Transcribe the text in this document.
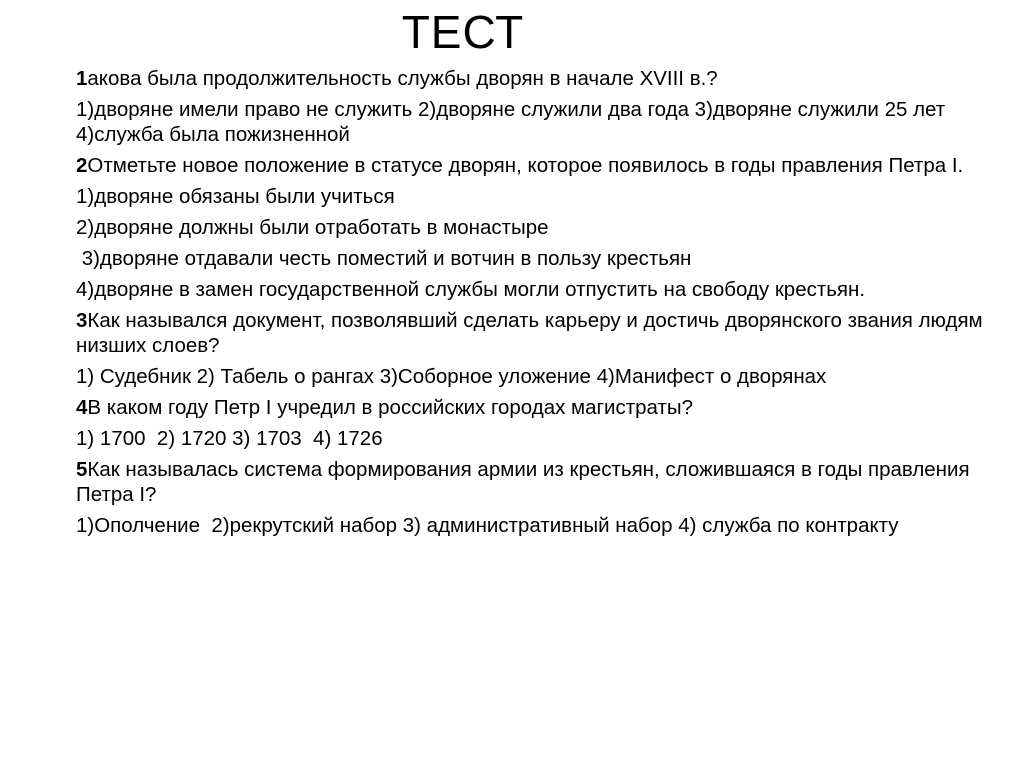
ТЕСТ

1акова была продолжительность службы дворян в начале XVIII в.?

1)дворяне имели право не служить 2)дворяне служили два года 3)дворяне служили 25 лет 4)служба была пожизненной

2Отметьте новое положение в статусе дворян, которое появилось в годы правления Петра I.

1)дворяне обязаны были учиться

2)дворяне должны были отработать в монастыре

3)дворяне отдавали честь поместий и вотчин в пользу крестьян

4)дворяне в замен государственной службы могли отпустить на свободу крестьян.

3Как назывался документ, позволявший сделать карьеру и достичь дворянского звания людям низших слоев?

1) Судебник 2) Табель о рангах 3)Соборное уложение 4)Манифест о дворянах

4В каком году Петр I учредил в российских городах магистраты?

1) 1700  2) 1720 3) 1703  4) 1726

5Как называлась система формирования армии из крестьян, сложившаяся в годы правления Петра I?

1)Ополчение  2)рекрутский набор 3) административный набор 4) служба по контракту
